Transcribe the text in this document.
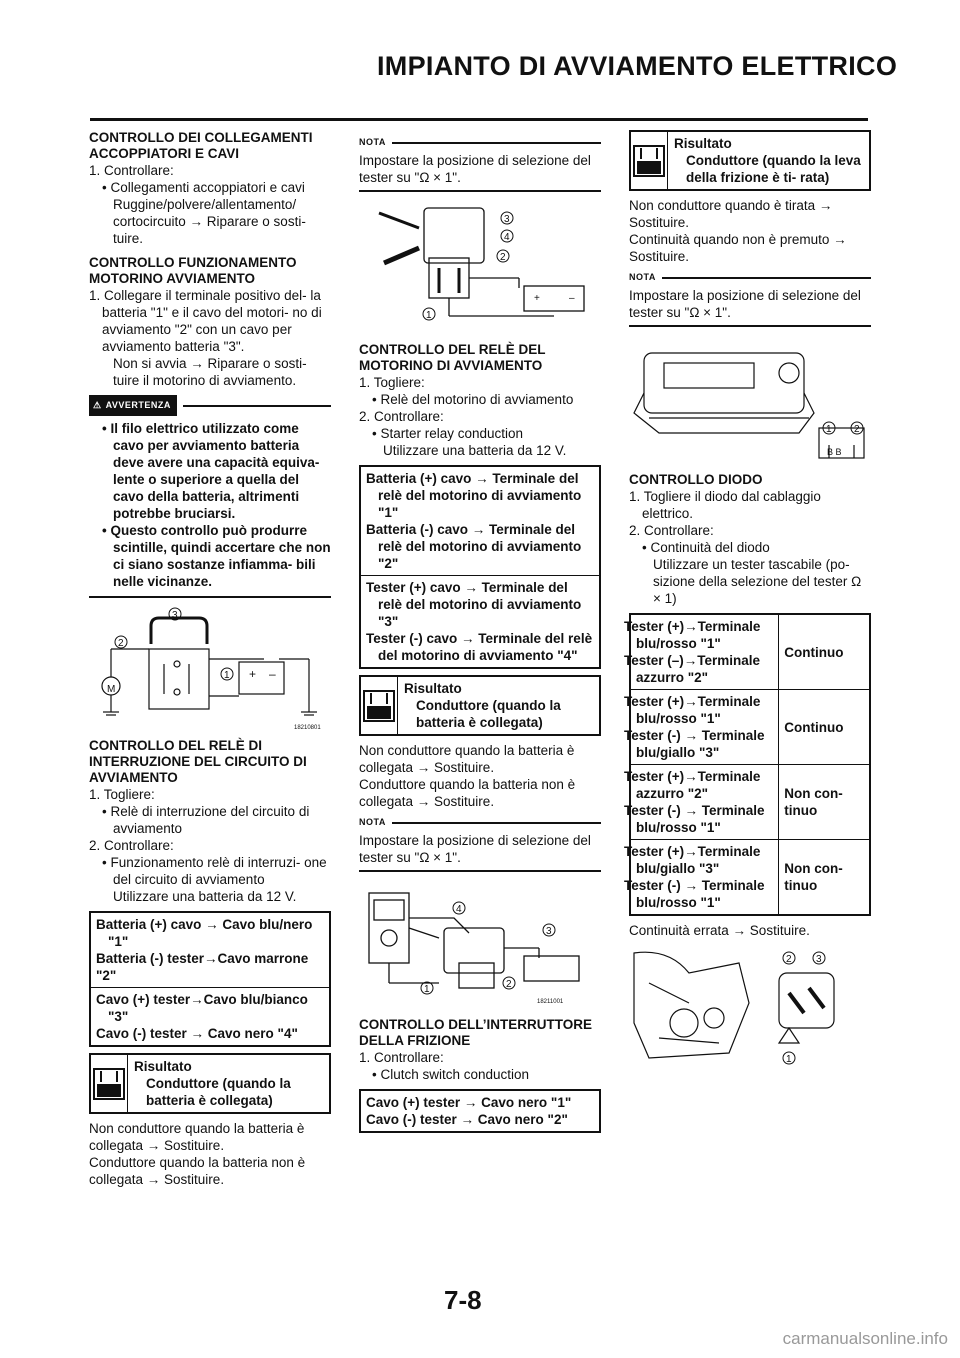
IMPIANTO DI AVVIAMENTO ELETTRICO

CONTROLLO DEI COLLEGAMENTI ACCOPPIATORI E CAVI

1. Controllare:

• Collegamenti accoppiatori e cavi Ruggine/polvere/allentamento/ cortocircuito → Riparare o sosti- tuire.

CONTROLLO FUNZIONAMENTO MOTORINO AVVIAMENTO

1. Collegare il terminale positivo del- la batteria "1" e il cavo del motori- no di avviamento "2" con un cavo per avviamento batteria "3".

Non si avvia → Riparare o sosti- tuire il motorino di avviamento.

⚠ AVVERTENZA

• Il filo elettrico utilizzato come cavo per avviamento batteria deve avere una capacità equiva- lente o superiore a quella del cavo della batteria, altrimenti potrebbe bruciarsi.

• Questo controllo può produrre scintille, quindi accertare che non ci siano sostanze infiamma- bili nelle vicinanze.

+ –
2
3
1
M
18210801

CONTROLLO DEL RELÈ DI INTERRUZIONE DEL CIRCUITO DI AVVIAMENTO

1. Togliere:

• Relè di interruzione del circuito di avviamento

2. Controllare:

• Funzionamento relè di interruzi- one del circuito di avviamento

Utilizzare una batteria da 12 V.

Batteria (+) cavo → Cavo blu/nero "1"

Batteria (-) tester→Cavo marrone "2"

Cavo (+) tester→Cavo blu/bianco "3"

Cavo (-) tester → Cavo nero "4"

Risultato
Conduttore (quando la batteria è collegata)

Non conduttore quando la batteria è collegata → Sostituire.

Conduttore quando la batteria non è collegata → Sostituire.

NOTA
Impostare la posizione di selezione del tester su "Ω × 1".
3
4
2
1
+	–

CONTROLLO DEL RELÈ DEL MOTORINO DI AVVIAMENTO

1. Togliere:

• Relè del motorino di avviamento

2. Controllare:

• Starter relay conduction

Utilizzare una batteria da 12 V.

Batteria (+) cavo → Terminale del relè del motorino di avviamento "1"

Batteria (-) cavo → Terminale del relè del motorino di avviamento "2"

Tester (+) cavo → Terminale del relè del motorino di avviamento "3"

Tester (-) cavo → Terminale del relè del motorino di avviamento "4"

Risultato
Conduttore (quando la batteria è collegata)

Non conduttore quando la batteria è collegata → Sostituire.

Conduttore quando la batteria non è collegata → Sostituire.

NOTA
Impostare la posizione di selezione del tester su "Ω × 1".
4
3
2
1
18211001

CONTROLLO DELL’INTERRUTTORE DELLA FRIZIONE

1. Controllare:

• Clutch switch conduction

Cavo (+) tester → Cavo nero "1"

Cavo (-) tester → Cavo nero "2"

Risultato
Conduttore (quando la leva della frizione è ti- rata)

Non conduttore quando è tirata → Sostituire.

Continuità quando non è premuto → Sostituire.

NOTA
Impostare la posizione di selezione del tester su "Ω × 1".
1 2
B B

CONTROLLO DIODO

1. Togliere il diodo dal cablaggio elettrico.

2. Controllare:

• Continuità del diodo

Utilizzare un tester tascabile (po- sizione della selezione del tester Ω × 1)

Tester (+)→Terminale blu/rosso "1"
Tester (–)→Terminale azzurro "2"	Continuo

Tester (+)→Terminale blu/rosso "1"
Tester (-) → Terminale blu/giallo "3"	Continuo

Tester (+)→Terminale azzurro "2"
Tester (-) → Terminale blu/rosso "1"	Non con- tinuo

Tester (+)→Terminale blu/giallo "3"
Tester (-) → Terminale blu/rosso "1"	Non con- tinuo

Continuità errata → Sostituire.

2 3
1
7-8
carmanualsonline.info
